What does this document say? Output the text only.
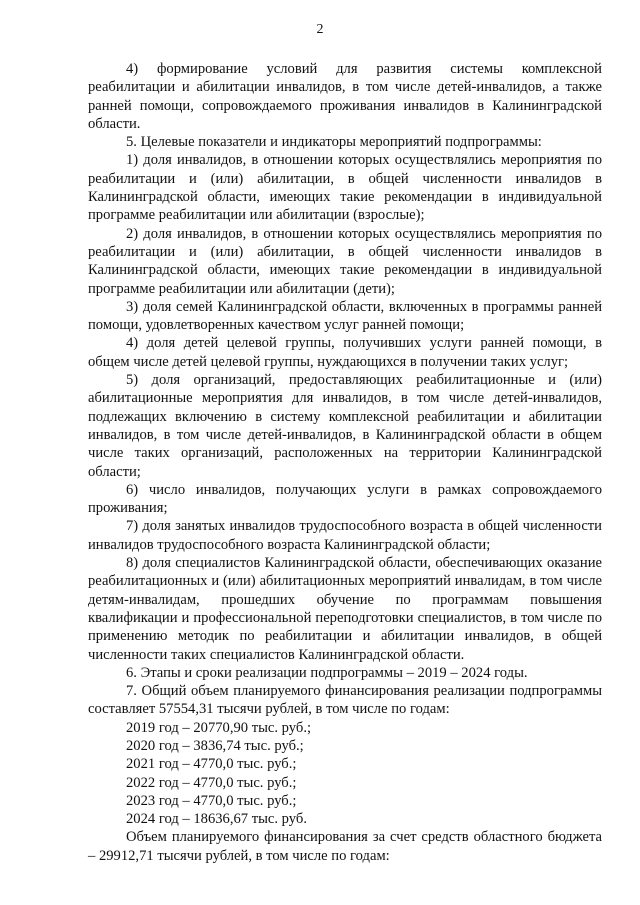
2

4) формирование условий для развития системы комплексной реабилитации и абилитации инвалидов, в том числе детей-инвалидов, а также ранней помощи, сопровождаемого проживания инвалидов в Калининградской области.

5. Целевые показатели и индикаторы мероприятий подпрограммы:

1) доля инвалидов, в отношении которых осуществлялись мероприятия по реабилитации и (или) абилитации, в общей численности инвалидов в Калининградской области, имеющих такие рекомендации в индивидуальной программе реабилитации или абилитации (взрослые);

2) доля инвалидов, в отношении которых осуществлялись мероприятия по реабилитации и (или) абилитации, в общей численности инвалидов в Калининградской области, имеющих такие рекомендации в индивидуальной программе реабилитации или абилитации (дети);

3) доля семей Калининградской области, включенных в программы ранней помощи, удовлетворенных качеством услуг ранней помощи;

4) доля детей целевой группы, получивших услуги ранней помощи, в общем числе детей целевой группы, нуждающихся в получении таких услуг;

5) доля организаций, предоставляющих реабилитационные и (или) абилитационные мероприятия для инвалидов, в том числе детей-инвалидов, подлежащих включению в систему комплексной реабилитации и абилитации инвалидов, в том числе детей-инвалидов, в Калининградской области в общем числе таких организаций, расположенных на территории Калининградской области;

6) число инвалидов, получающих услуги в рамках сопровождаемого проживания;

7) доля занятых инвалидов трудоспособного возраста в общей численности инвалидов трудоспособного возраста Калининградской области;

8) доля специалистов Калининградской области, обеспечивающих оказание реабилитационных и (или) абилитационных мероприятий инвалидам, в том числе детям-инвалидам, прошедших обучение по программам повышения квалификации и профессиональной переподготовки специалистов, в том числе по применению методик по реабилитации и абилитации инвалидов, в общей численности таких специалистов Калининградской области.

6. Этапы и сроки реализации подпрограммы – 2019 – 2024 годы.

7. Общий объем планируемого финансирования реализации подпрограммы составляет 57554,31 тысячи рублей, в том числе по годам:

2019 год – 20770,90 тыс. руб.;

2020 год – 3836,74 тыс. руб.;

2021 год – 4770,0 тыс. руб.;

2022 год – 4770,0 тыс. руб.;

2023 год – 4770,0 тыс. руб.;

2024 год – 18636,67 тыс. руб.

Объем планируемого финансирования за счет средств областного бюджета – 29912,71 тысячи рублей, в том числе по годам:
